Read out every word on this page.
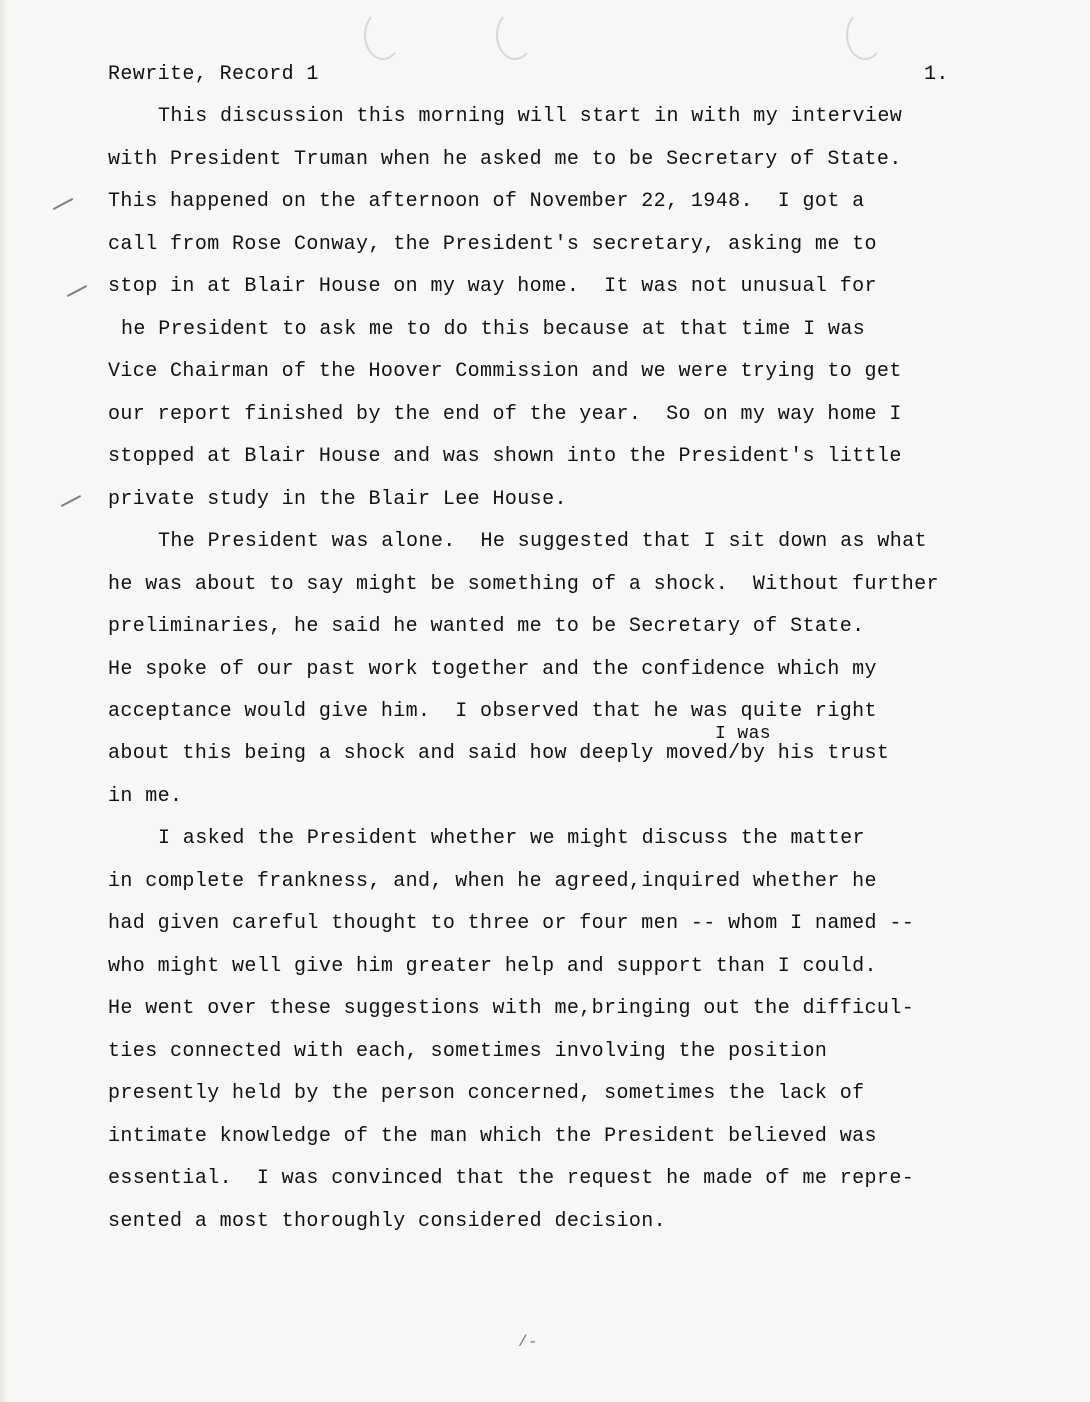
Rewrite, Record 1	1.
This discussion this morning will start in with my interview
with President Truman when he asked me to be Secretary of State.
This happened on the afternoon of November 22, 1948.  I got a
call from Rose Conway, the President's secretary, asking me to
stop in at Blair House on my way home.  It was not unusual for
he President to ask me to do this because at that time I was
Vice Chairman of the Hoover Commission and we were trying to get
our report finished by the end of the year.  So on my way home I
stopped at Blair House and was shown into the President's little
private study in the Blair Lee House.
The President was alone.  He suggested that I sit down as what
he was about to say might be something of a shock.  Without further
preliminaries, he said he wanted me to be Secretary of State.
He spoke of our past work together and the confidence which my
acceptance would give him.  I observed that he was quite right
I was
about this being a shock and said how deeply moved/by his trust
in me.
I asked the President whether we might discuss the matter
in complete frankness, and, when he agreed,inquired whether he
had given careful thought to three or four men -- whom I named --
who might well give him greater help and support than I could.
He went over these suggestions with me,bringing out the difficul-
ties connected with each, sometimes involving the position
presently held by the person concerned, sometimes the lack of
intimate knowledge of the man which the President believed was
essential.  I was convinced that the request he made of me repre-
sented a most thoroughly considered decision.
/-
